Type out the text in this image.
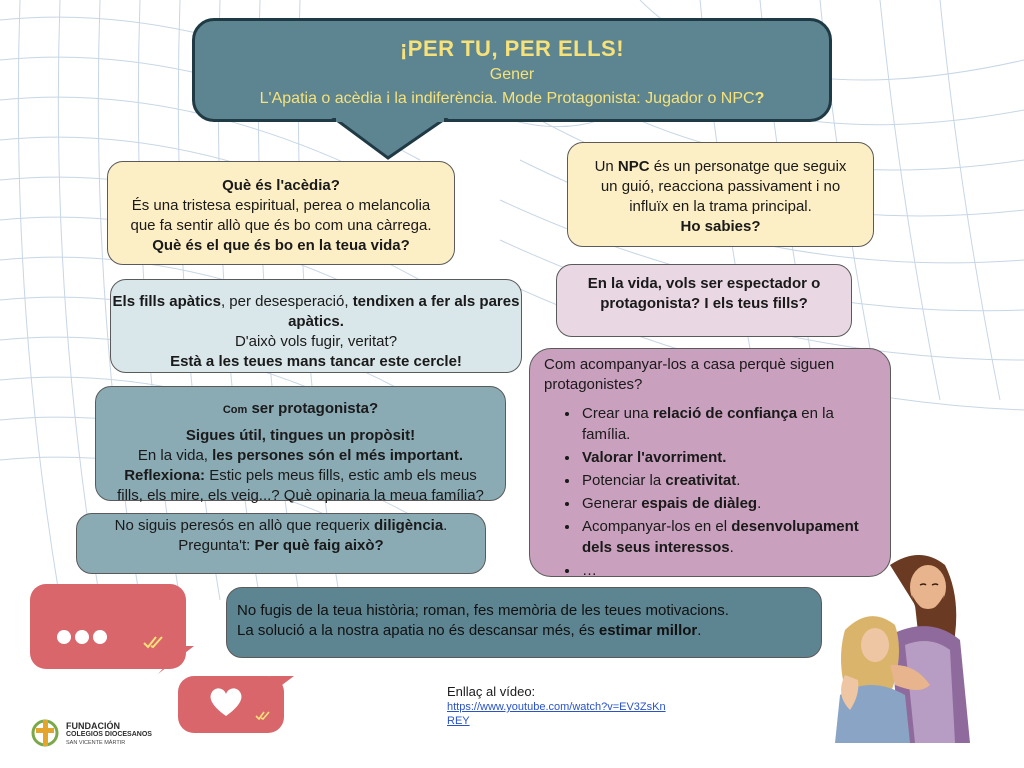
¡PER TU, PER ELLS!

Gener

L'Apatia o acèdia i la indiferència. Mode Protagonista: Jugador o NPC?

Què és l'acèdia?

És una tristesa espiritual, perea o melancolia

que fa sentir allò que és bo com una càrrega.

Què és el que és bo en la teua vida?

Un NPC és un personatge que seguix

un guió, reacciona passivament i no

influïx en la trama principal.

Ho sabies?

Els fills apàtics, per desesperació, tendixen a fer als pares apàtics.

D'això vols fugir, veritat?

Està a les teues mans tancar este cercle!

En la vida, vols ser espectador o

protagonista? I els teus fills?

Com ser protagonista?

Sigues útil, tingues un propòsit!

En la vida, les persones són el més important.

Reflexiona: Estic pels meus fills, estic amb els meus

fills, els mire, els veig...? Què opinaria la meua família?

No siguis peresós en allò que requerix diligència.

Pregunta't: Per què faig això?

Com acompanyar-los a casa perquè siguen protagonistes?

• Crear una relació de confiança en la família.
• Valorar l'avorriment.
• Potenciar la creativitat.
• Generar espais de diàleg.
• Acompanyar-los en el desenvolupament dels seus interessos.
• …

No fugis de la teua història; roman, fes memòria de les teues motivacions.

La solució a la nostra apatia no és descansar més, és estimar millor.

Enllaç al vídeo:
https://www.youtube.com/watch?v=EV3ZsKnREY
FUNDACIÓN
COLEGIOS DIOCESANOS
SAN VICENTE MÁRTIR
